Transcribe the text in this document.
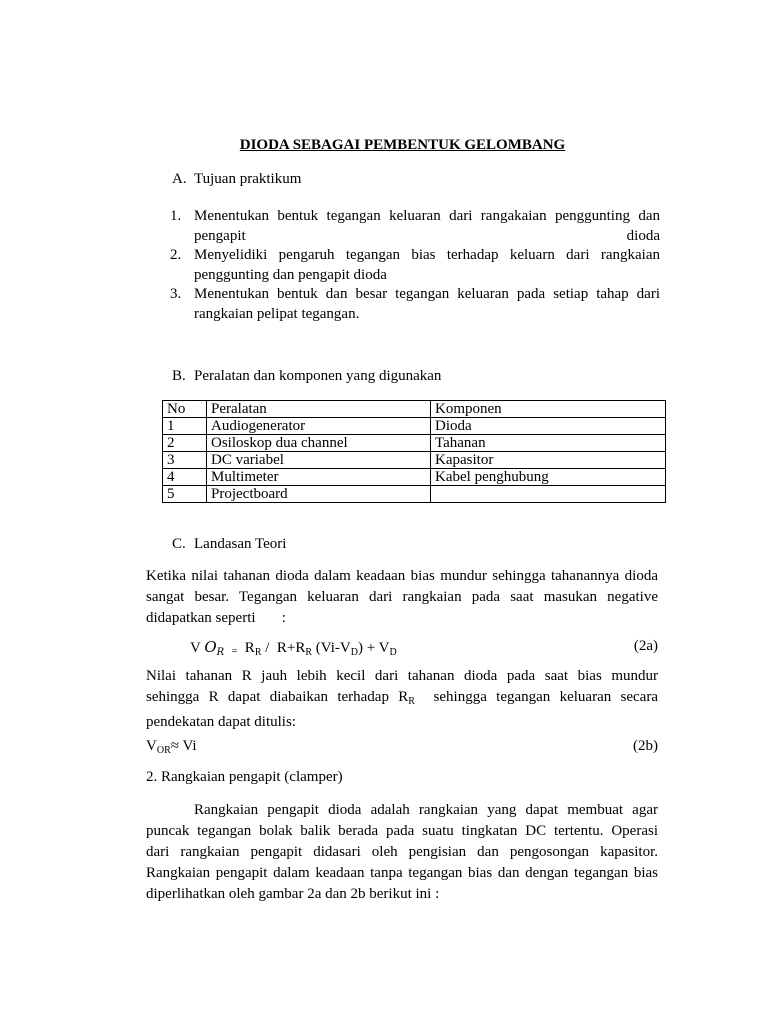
DIODA SEBAGAI PEMBENTUK GELOMBANG
A. Tujuan praktikum
1. Menentukan bentuk tegangan keluaran dari rangakaian penggunting dan
pengapit dioda
2. Menyelidiki pengaruh tegangan bias terhadap keluarn dari rangkaian
penggunting dan pengapit dioda
3. Menentukan bentuk dan besar tegangan keluaran pada setiap tahap dari
rangkaian pelipat tegangan.
B. Peralatan dan komponen yang digunakan
No	Peralatan	Komponen
1	Audiogenerator	Dioda
2	Osiloskop dua channel	Tahanan
3	DC variabel	Kapasitor
4	Multimeter	Kabel penghubung
5	Projectboard	
C. Landasan Teori
Ketika nilai tahanan dioda dalam keadaan bias mundur sehingga tahanannya dioda
sangat besar. Tegangan keluaran dari rangkaian pada saat masukan negative
didapatkan seperti       :
V $O_R = R_R / R+R_R$ $(Vi-V_D) + V_D$	(2a)
Nilai tahanan R jauh lebih kecil dari tahanan dioda pada saat bias mundur
sehingga R dapat diabaikan terhadap $R_R$  sehingga tegangan keluaran secara
pendekatan dapat ditulis:
$V_{OR}\approx Vi$	(2b)
2. Rangkaian pengapit (clamper)
Rangkaian pengapit dioda adalah rangkaian yang dapat membuat agar
puncak tegangan bolak balik berada pada suatu tingkatan DC tertentu. Operasi
dari rangkaian pengapit didasari oleh pengisian dan pengosongan kapasitor.
Rangkaian pengapit dalam keadaan tanpa tegangan bias dan dengan tegangan bias
diperlihatkan oleh gambar 2a dan 2b berikut ini :
